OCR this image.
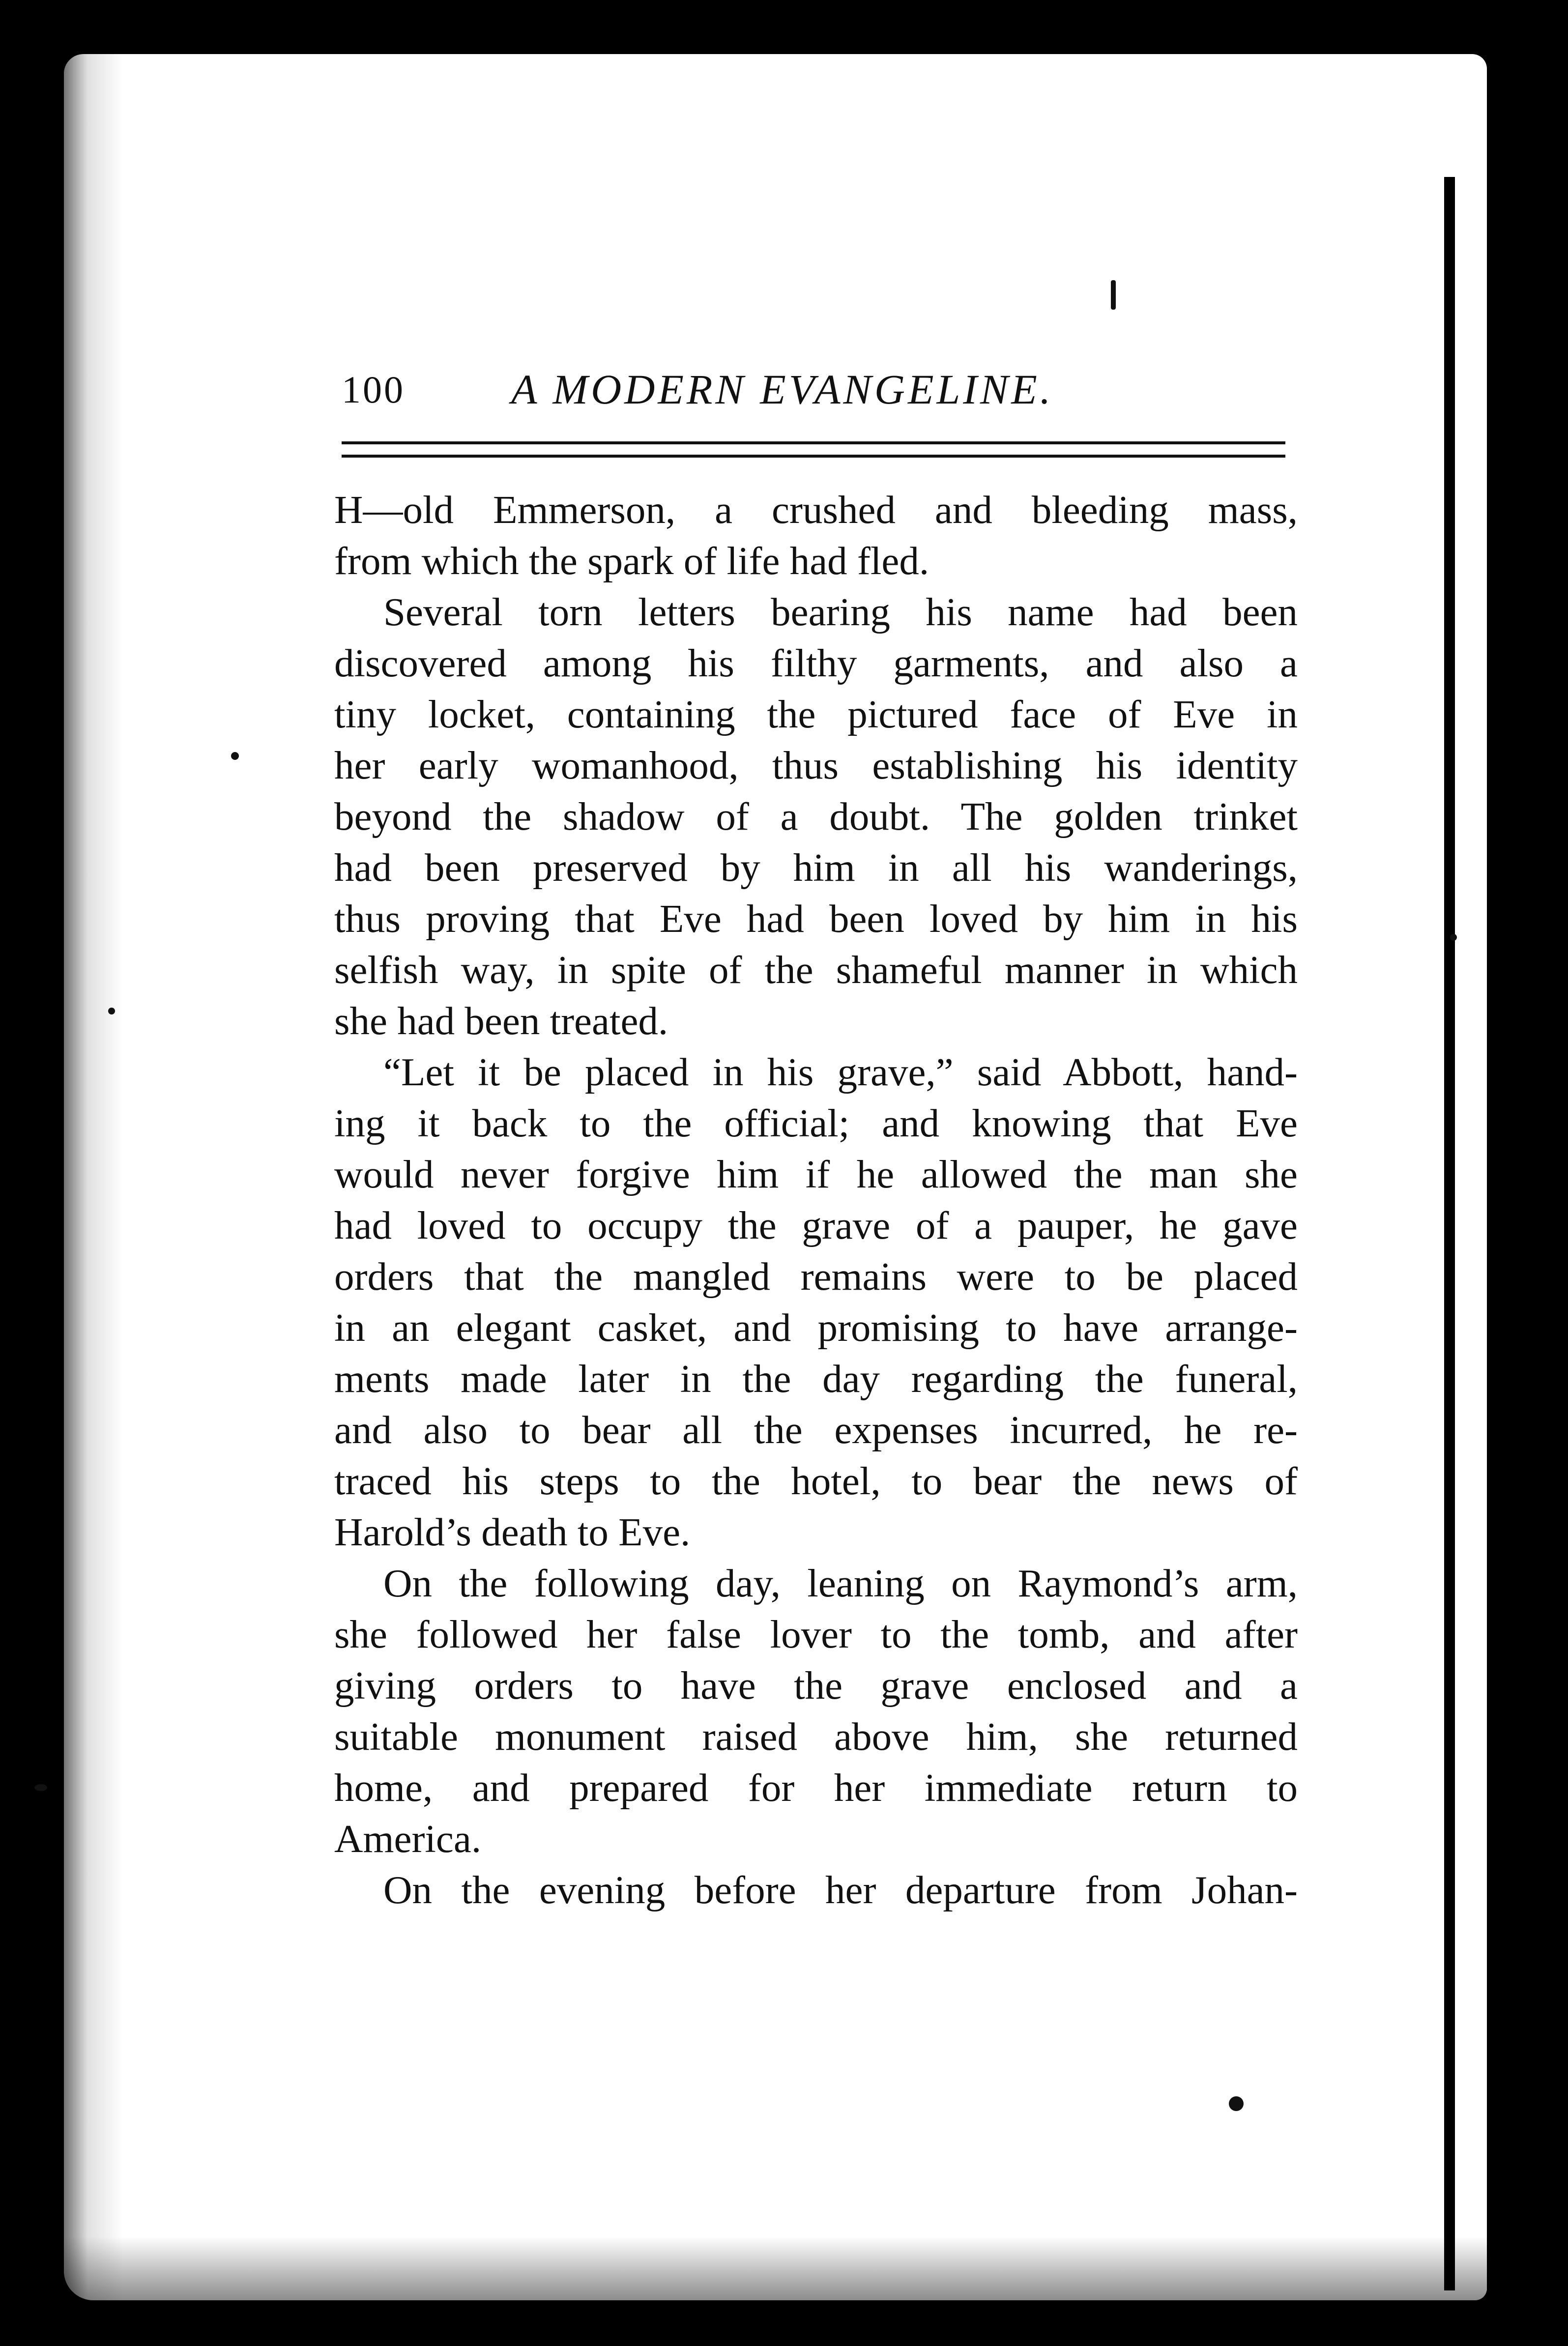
100	A MODERN EVANGELINE.
H—old Emmerson, a crushed and bleeding mass,
from which the spark of life had fled.
Several torn letters bearing his name had been
discovered among his filthy garments, and also a
tiny locket, containing the pictured face of Eve in
her early womanhood, thus establishing his identity
beyond the shadow of a doubt. The golden trinket
had been preserved by him in all his wanderings,
thus proving that Eve had been loved by him in his
selfish way, in spite of the shameful manner in which
she had been treated.
“Let it be placed in his grave,” said Abbott, hand-
ing it back to the official; and knowing that Eve
would never forgive him if he allowed the man she
had loved to occupy the grave of a pauper, he gave
orders that the mangled remains were to be placed
in an elegant casket, and promising to have arrange-
ments made later in the day regarding the funeral,
and also to bear all the expenses incurred, he re-
traced his steps to the hotel, to bear the news of
Harold’s death to Eve.
On the following day, leaning on Raymond’s arm,
she followed her false lover to the tomb, and after
giving orders to have the grave enclosed and a
suitable monument raised above him, she returned
home, and prepared for her immediate return to
America.
On the evening before her departure from Johan-
